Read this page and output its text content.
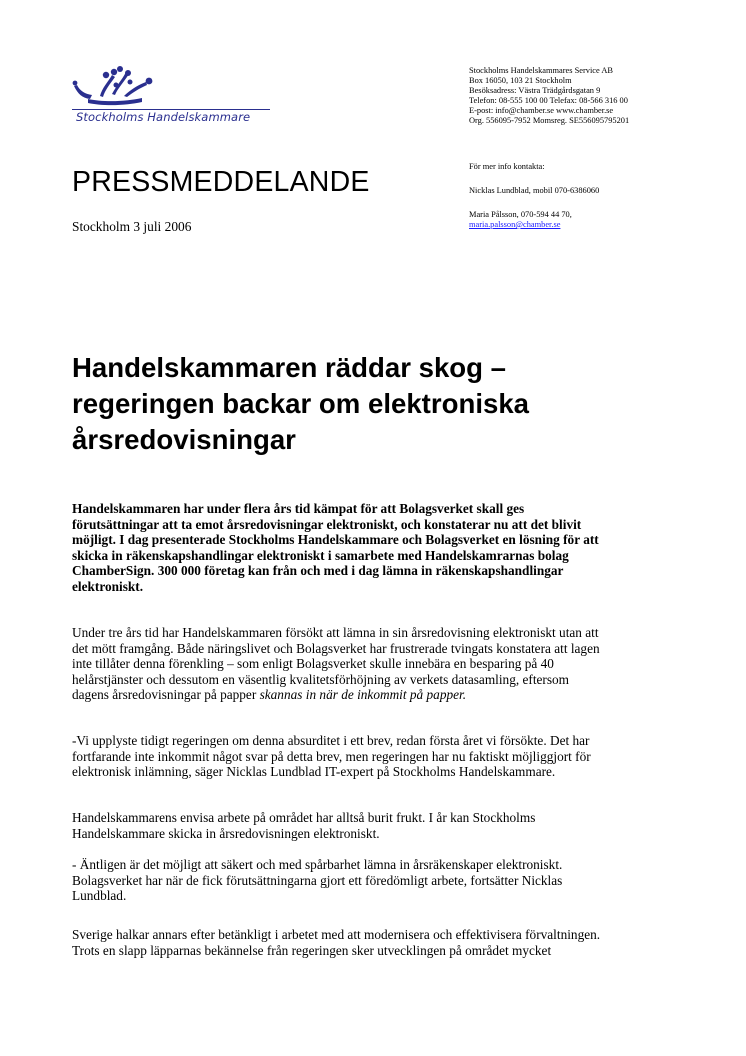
Stockholms Handelskammare
Stockholms Handelskammares Service AB
Box 16050, 103 21 Stockholm
Besöksadress: Västra Trädgårdsgatan 9
Telefon: 08-555 100 00 Telefax: 08-566 316 00
E-post: info@chamber.se www.chamber.se
Org. 556095-7952 Momsreg. SE556095795201
För mer info kontakta:
Nicklas Lundblad, mobil 070-6386060
Maria Pålsson, 070-594 44 70,
maria.palsson@chamber.se
PRESSMEDDELANDE
Stockholm 3 juli 2006
Handelskammaren räddar skog –
regeringen backar om elektroniska
årsredovisningar
Handelskammaren har under flera års tid kämpat för att Bolagsverket skall ges
förutsättningar att ta emot årsredovisningar elektroniskt, och konstaterar nu att det blivit
möjligt. I dag presenterade Stockholms Handelskammare och Bolagsverket en lösning för att
skicka in räkenskapshandlingar elektroniskt i samarbete med Handelskamrarnas bolag
ChamberSign. 300 000 företag kan från och med i dag lämna in räkenskapshandlingar
elektroniskt.
Under tre års tid har Handelskammaren försökt att lämna in sin årsredovisning elektroniskt utan att
det mött framgång. Både näringslivet och Bolagsverket har frustrerade tvingats konstatera att lagen
inte tillåter denna förenkling – som enligt Bolagsverket skulle innebära en besparing på 40
helårstjänster och dessutom en väsentlig kvalitetsförhöjning av verkets datasamling, eftersom
dagens årsredovisningar på papper skannas in när de inkommit på papper.
-Vi upplyste tidigt regeringen om denna absurditet i ett brev, redan första året vi försökte. Det har
fortfarande inte inkommit något svar på detta brev, men regeringen har nu faktiskt möjliggjort för
elektronisk inlämning, säger Nicklas Lundblad IT-expert på Stockholms Handelskammare.
Handelskammarens envisa arbete på området har alltså burit frukt. I år kan Stockholms
Handelskammare skicka in årsredovisningen elektroniskt.
- Äntligen är det möjligt att säkert och med spårbarhet lämna in årsräkenskaper elektroniskt.
Bolagsverket har när de fick förutsättningarna gjort ett föredömligt arbete, fortsätter Nicklas
Lundblad.
Sverige halkar annars efter betänkligt i arbetet med att modernisera och effektivisera förvaltningen.
Trots en slapp läpparnas bekännelse från regeringen sker utvecklingen på området mycket
